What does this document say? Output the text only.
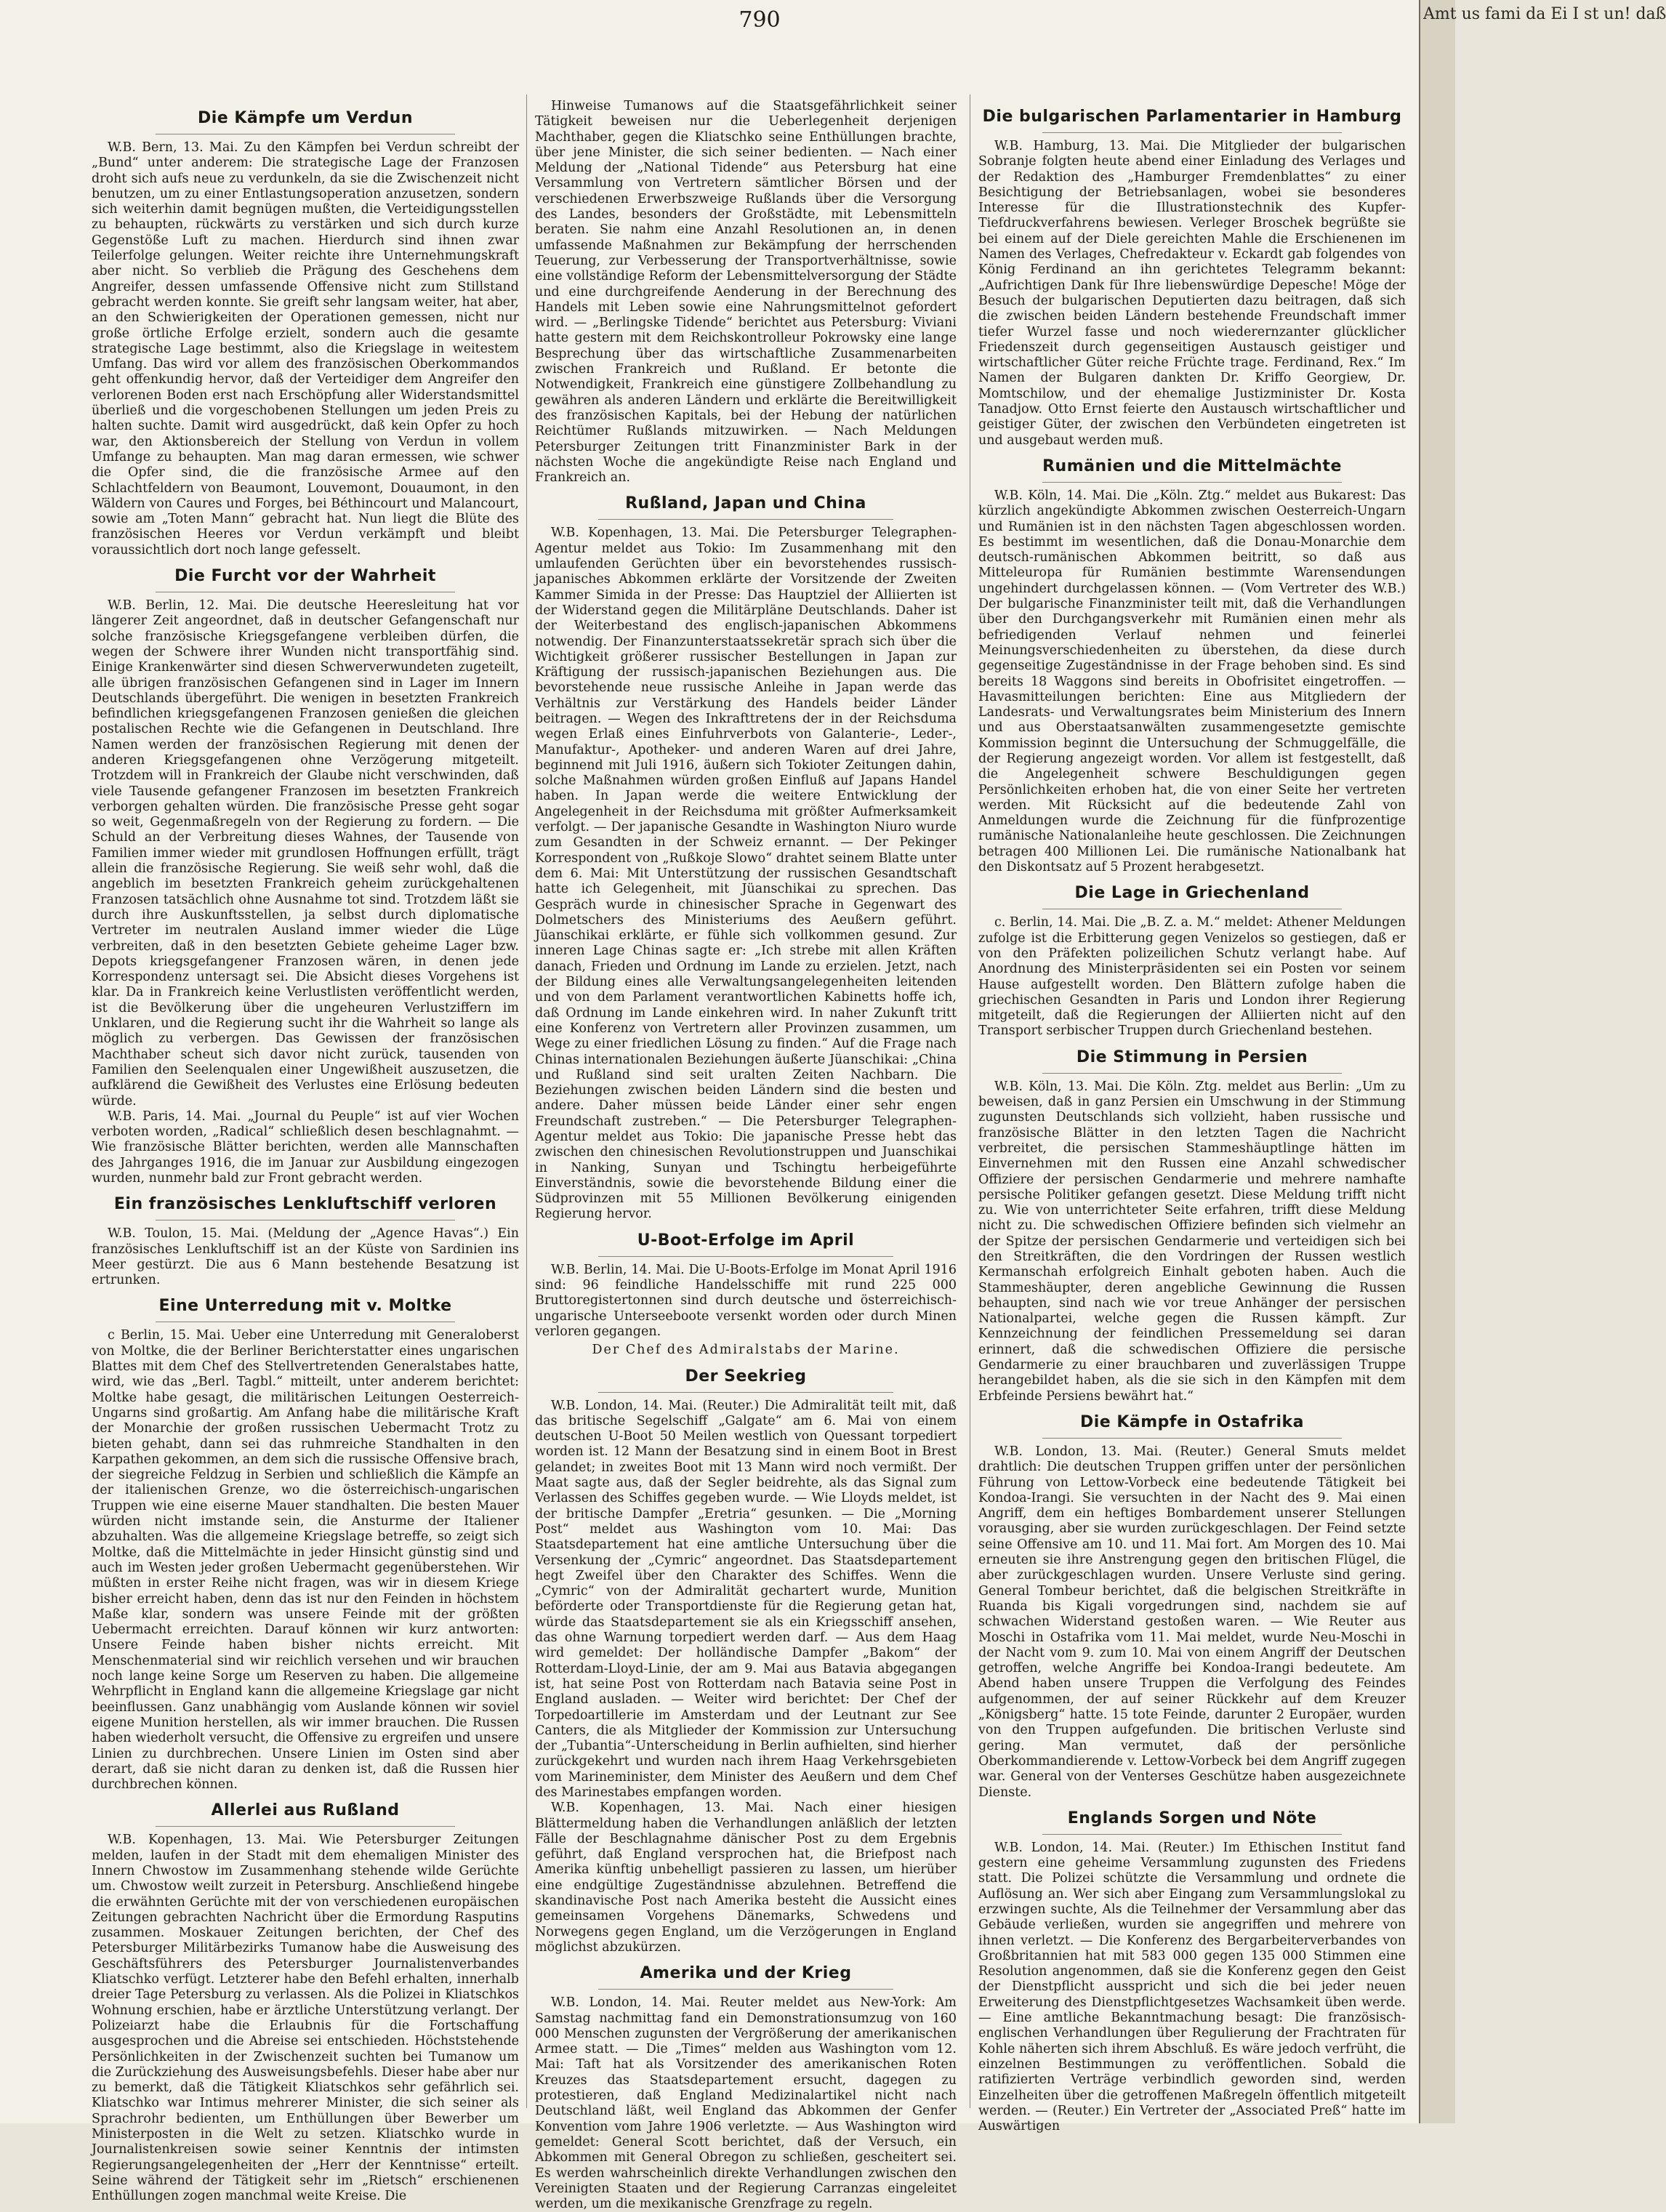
790
Die Kämpfe um Verdun

W.B. Bern, 13. Mai. Zu den Kämpfen bei Verdun schreibt der „Bund“ unter anderem: Die strategische Lage der Franzosen droht sich aufs neue zu verdunkeln, da sie die Zwischenzeit nicht benutzen, um zu einer Entlastungsoperation anzusetzen, sondern sich weiterhin damit begnügen mußten, die Verteidigungsstellen zu behaupten, rückwärts zu verstärken und sich durch kurze Gegenstöße Luft zu machen. Hierdurch sind ihnen zwar Teilerfolge gelungen. Weiter reichte ihre Unternehmungskraft aber nicht. So verblieb die Prägung des Geschehens dem Angreifer, dessen umfassende Offensive nicht zum Stillstand gebracht werden konnte. Sie greift sehr langsam weiter, hat aber, an den Schwierigkeiten der Operationen gemessen, nicht nur große örtliche Erfolge erzielt, sondern auch die gesamte strategische Lage bestimmt, also die Kriegslage in weitestem Umfang. Das wird vor allem des französischen Oberkommandos geht offenkundig hervor, daß der Verteidiger dem Angreifer den verlorenen Boden erst nach Erschöpfung aller Widerstandsmittel überließ und die vorgeschobenen Stellungen um jeden Preis zu halten suchte. Damit wird ausgedrückt, daß kein Opfer zu hoch war, den Aktionsbereich der Stellung von Verdun in vollem Umfange zu behaupten. Man mag daran ermessen, wie schwer die Opfer sind, die die französische Armee auf den Schlachtfeldern von Beaumont, Louvemont, Douaumont, in den Wäldern von Caures und Forges, bei Béthincourt und Malancourt, sowie am „Toten Mann“ gebracht hat. Nun liegt die Blüte des französischen Heeres vor Verdun verkämpft und bleibt voraussichtlich dort noch lange gefesselt.

Die Furcht vor der Wahrheit

W.B. Berlin, 12. Mai. Die deutsche Heeresleitung hat vor längerer Zeit angeordnet, daß in deutscher Gefangenschaft nur solche französische Kriegsgefangene verbleiben dürfen, die wegen der Schwere ihrer Wunden nicht transportfähig sind. Einige Krankenwärter sind diesen Schwerverwundeten zugeteilt, alle übrigen französischen Gefangenen sind in Lager im Innern Deutschlands übergeführt. Die wenigen in besetzten Frankreich befindlichen kriegsgefangenen Franzosen genießen die gleichen postalischen Rechte wie die Gefangenen in Deutschland. Ihre Namen werden der französischen Regierung mit denen der anderen Kriegsgefangenen ohne Verzögerung mitgeteilt. Trotzdem will in Frankreich der Glaube nicht verschwinden, daß viele Tausende gefangener Franzosen im besetzten Frankreich verborgen gehalten würden. Die französische Presse geht sogar so weit, Gegenmaßregeln von der Regierung zu fordern. — Die Schuld an der Verbreitung dieses Wahnes, der Tausende von Familien immer wieder mit grundlosen Hoffnungen erfüllt, trägt allein die französische Regierung. Sie weiß sehr wohl, daß die angeblich im besetzten Frankreich geheim zurückgehaltenen Franzosen tatsächlich ohne Ausnahme tot sind. Trotzdem läßt sie durch ihre Auskunftsstellen, ja selbst durch diplomatische Vertreter im neutralen Ausland immer wieder die Lüge verbreiten, daß in den besetzten Gebiete geheime Lager bzw. Depots kriegsgefangener Franzosen wären, in denen jede Korrespondenz untersagt sei. Die Absicht dieses Vorgehens ist klar. Da in Frankreich keine Verlustlisten veröffentlicht werden, ist die Bevölkerung über die ungeheuren Verlustziffern im Unklaren, und die Regierung sucht ihr die Wahrheit so lange als möglich zu verbergen. Das Gewissen der französischen Machthaber scheut sich davor nicht zurück, tausenden von Familien den Seelenqualen einer Ungewißheit auszusetzen, die aufklärend die Gewißheit des Verlustes eine Erlösung bedeuten würde.

W.B. Paris, 14. Mai. „Journal du Peuple“ ist auf vier Wochen verboten worden, „Radical“ schließlich desen beschlagnahmt. — Wie französische Blätter berichten, werden alle Mannschaften des Jahrganges 1916, die im Januar zur Ausbildung eingezogen wurden, nunmehr bald zur Front gebracht werden.

Ein französisches Lenkluftschiff verloren

W.B. Toulon, 15. Mai. (Meldung der „Agence Havas“.) Ein französisches Lenkluftschiff ist an der Küste von Sardinien ins Meer gestürzt. Die aus 6 Mann bestehende Besatzung ist ertrunken.

Eine Unterredung mit v. Moltke

c Berlin, 15. Mai. Ueber eine Unterredung mit Generaloberst von Moltke, die der Berliner Berichterstatter eines ungarischen Blattes mit dem Chef des Stellvertretenden Generalstabes hatte, wird, wie das „Berl. Tagbl.“ mitteilt, unter anderem berichtet: Moltke habe gesagt, die militärischen Leitungen Oesterreich-Ungarns sind großartig. Am Anfang habe die militärische Kraft der Monarchie der großen russischen Uebermacht Trotz zu bieten gehabt, dann sei das ruhmreiche Standhalten in den Karpathen gekommen, an dem sich die russische Offensive brach, der siegreiche Feldzug in Serbien und schließlich die Kämpfe an der italienischen Grenze, wo die österreichisch-ungarischen Truppen wie eine eiserne Mauer standhalten. Die besten Mauer würden nicht imstande sein, die Ansturme der Italiener abzuhalten. Was die allgemeine Kriegslage betreffe, so zeigt sich Moltke, daß die Mittelmächte in jeder Hinsicht günstig sind und auch im Westen jeder großen Uebermacht gegenüberstehen. Wir müßten in erster Reihe nicht fragen, was wir in diesem Kriege bisher erreicht haben, denn das ist nur den Feinden in höchstem Maße klar, sondern was unsere Feinde mit der größten Uebermacht erreichten. Darauf können wir kurz antworten: Unsere Feinde haben bisher nichts erreicht. Mit Menschenmaterial sind wir reichlich versehen und wir brauchen noch lange keine Sorge um Reserven zu haben. Die allgemeine Wehrpflicht in England kann die allgemeine Kriegslage gar nicht beeinflussen. Ganz unabhängig vom Auslande können wir soviel eigene Munition herstellen, als wir immer brauchen. Die Russen haben wiederholt versucht, die Offensive zu ergreifen und unsere Linien zu durchbrechen. Unsere Linien im Osten sind aber derart, daß sie nicht daran zu denken ist, daß die Russen hier durchbrechen können.

Allerlei aus Rußland

W.B. Kopenhagen, 13. Mai. Wie Petersburger Zeitungen melden, laufen in der Stadt mit dem ehemaligen Minister des Innern Chwostow im Zusammenhang stehende wilde Gerüchte um. Chwostow weilt zurzeit in Petersburg. Anschließend hingebe die erwähnten Gerüchte mit der von verschiedenen europäischen Zeitungen gebrachten Nachricht über die Ermordung Rasputins zusammen. Moskauer Zeitungen berichten, der Chef des Petersburger Militärbezirks Tumanow habe die Ausweisung des Geschäftsführers des Petersburger Journalistenverbandes Kliatschko verfügt. Letzterer habe den Befehl erhalten, innerhalb dreier Tage Petersburg zu verlassen. Als die Polizei in Kliatschkos Wohnung erschien, habe er ärztliche Unterstützung verlangt. Der Polizeiarzt habe die Erlaubnis für die Fortschaffung ausgesprochen und die Abreise sei entschieden. Höchststehende Persönlichkeiten in der Zwischenzeit suchten bei Tumanow um die Zurückziehung des Ausweisungsbefehls. Dieser habe aber nur zu bemerkt, daß die Tätigkeit Kliatschkos sehr gefährlich sei. Kliatschko war Intimus mehrerer Minister, die sich seiner als Sprachrohr bedienten, um Enthüllungen über Bewerber um Ministerposten in die Welt zu setzen. Kliatschko wurde in Journalistenkreisen sowie seiner Kenntnis der intimsten Regierungsangelegenheiten der „Herr der Kenntnisse“ erteilt. Seine während der Tätigkeit sehr im „Rietsch“ erschienenen Enthüllungen zogen manchmal weite Kreise. Die

Hinweise Tumanows auf die Staatsgefährlichkeit seiner Tätigkeit beweisen nur die Ueberlegenheit derjenigen Machthaber, gegen die Kliatschko seine Enthüllungen brachte, über jene Minister, die sich seiner bedienten. — Nach einer Meldung der „National Tidende“ aus Petersburg hat eine Versammlung von Vertretern sämtlicher Börsen und der verschiedenen Erwerbszweige Rußlands über die Versorgung des Landes, besonders der Großstädte, mit Lebensmitteln beraten. Sie nahm eine Anzahl Resolutionen an, in denen umfassende Maßnahmen zur Bekämpfung der herrschenden Teuerung, zur Verbesserung der Transportverhältnisse, sowie eine vollständige Reform der Lebensmittelversorgung der Städte und eine durchgreifende Aenderung in der Berechnung des Handels mit Leben sowie eine Nahrungsmittelnot gefordert wird. — „Berlingske Tidende“ berichtet aus Petersburg: Viviani hatte gestern mit dem Reichskontrolleur Pokrowsky eine lange Besprechung über das wirtschaftliche Zusammenarbeiten zwischen Frankreich und Rußland. Er betonte die Notwendigkeit, Frankreich eine günstigere Zollbehandlung zu gewähren als anderen Ländern und erklärte die Bereitwilligkeit des französischen Kapitals, bei der Hebung der natürlichen Reichtümer Rußlands mitzuwirken. — Nach Meldungen Petersburger Zeitungen tritt Finanzminister Bark in der nächsten Woche die angekündigte Reise nach England und Frankreich an.

Rußland, Japan und China

W.B. Kopenhagen, 13. Mai. Die Petersburger Telegraphen-Agentur meldet aus Tokio: Im Zusammenhang mit den umlaufenden Gerüchten über ein bevorstehendes russisch-japanisches Abkommen erklärte der Vorsitzende der Zweiten Kammer Simida in der Presse: Das Hauptziel der Alliierten ist der Widerstand gegen die Militärpläne Deutschlands. Daher ist der Weiterbestand des englisch-japanischen Abkommens notwendig. Der Finanzunterstaatssekretär sprach sich über die Wichtigkeit größerer russischer Bestellungen in Japan zur Kräftigung der russisch-japanischen Beziehungen aus. Die bevorstehende neue russische Anleihe in Japan werde das Verhältnis zur Verstärkung des Handels beider Länder beitragen. — Wegen des Inkrafttretens der in der Reichsduma wegen Erlaß eines Einfuhrverbots von Galanterie-, Leder-, Manufaktur-, Apotheker- und anderen Waren auf drei Jahre, beginnend mit Juli 1916, äußern sich Tokioter Zeitungen dahin, solche Maßnahmen würden großen Einfluß auf Japans Handel haben. In Japan werde die weitere Entwicklung der Angelegenheit in der Reichsduma mit größter Aufmerksamkeit verfolgt. — Der japanische Gesandte in Washington Niuro wurde zum Gesandten in der Schweiz ernannt. — Der Pekinger Korrespondent von „Rußkoje Slowo“ drahtet seinem Blatte unter dem 6. Mai: Mit Unterstützung der russischen Gesandtschaft hatte ich Gelegenheit, mit Jüanschikai zu sprechen. Das Gespräch wurde in chinesischer Sprache in Gegenwart des Dolmetschers des Ministeriums des Aeußern geführt. Jüanschikai erklärte, er fühle sich vollkommen gesund. Zur inneren Lage Chinas sagte er: „Ich strebe mit allen Kräften danach, Frieden und Ordnung im Lande zu erzielen. Jetzt, nach der Bildung eines alle Verwaltungsangelegenheiten leitenden und von dem Parlament verantwortlichen Kabinetts hoffe ich, daß Ordnung im Lande einkehren wird. In naher Zukunft tritt eine Konferenz von Vertretern aller Provinzen zusammen, um Wege zu einer friedlichen Lösung zu finden.“ Auf die Frage nach Chinas internationalen Beziehungen äußerte Jüanschikai: „China und Rußland sind seit uralten Zeiten Nachbarn. Die Beziehungen zwischen beiden Ländern sind die besten und andere. Daher müssen beide Länder einer sehr engen Freundschaft zustreben.“ — Die Petersburger Telegraphen-Agentur meldet aus Tokio: Die japanische Presse hebt das zwischen den chinesischen Revolutionstruppen und Juanschikai in Nanking, Sunyan und Tschingtu herbeigeführte Einverständnis, sowie die bevorstehende Bildung einer die Südprovinzen mit 55 Millionen Bevölkerung einigenden Regierung hervor.

U-Boot-Erfolge im April

W.B. Berlin, 14. Mai. Die U-Boots-Erfolge im Monat April 1916 sind: 96 feindliche Handelsschiffe mit rund 225 000 Bruttoregistertonnen sind durch deutsche und österreichisch-ungarische Unterseeboote versenkt worden oder durch Minen verloren gegangen.

Der Chef des Admiralstabs der Marine.
Der Seekrieg

W.B. London, 14. Mai. (Reuter.) Die Admiralität teilt mit, daß das britische Segelschiff „Galgate“ am 6. Mai von einem deutschen U-Boot 50 Meilen westlich von Quessant torpediert worden ist. 12 Mann der Besatzung sind in einem Boot in Brest gelandet; in zweites Boot mit 13 Mann wird noch vermißt. Der Maat sagte aus, daß der Segler beidrehte, als das Signal zum Verlassen des Schiffes gegeben wurde. — Wie Lloyds meldet, ist der britische Dampfer „Eretria“ gesunken. — Die „Morning Post“ meldet aus Washington vom 10. Mai: Das Staatsdepartement hat eine amtliche Untersuchung über die Versenkung der „Cymric“ angeordnet. Das Staatsdepartement hegt Zweifel über den Charakter des Schiffes. Wenn die „Cymric“ von der Admiralität gechartert wurde, Munition beförderte oder Transportdienste für die Regierung getan hat, würde das Staatsdepartement sie als ein Kriegsschiff ansehen, das ohne Warnung torpediert werden darf. — Aus dem Haag wird gemeldet: Der holländische Dampfer „Bakom“ der Rotterdam-Lloyd-Linie, der am 9. Mai aus Batavia abgegangen ist, hat seine Post von Rotterdam nach Batavia seine Post in England ausladen. — Weiter wird berichtet: Der Chef der Torpedoartillerie im Amsterdam und der Leutnant zur See Canters, die als Mitglieder der Kommission zur Untersuchung der „Tubantia“-Unterscheidung in Berlin aufhielten, sind hierher zurückgekehrt und wurden nach ihrem Haag Verkehrsgebieten vom Marineminister, dem Minister des Aeußern und dem Chef des Marinestabes empfangen worden.

W.B. Kopenhagen, 13. Mai. Nach einer hiesigen Blättermeldung haben die Verhandlungen anläßlich der letzten Fälle der Beschlagnahme dänischer Post zu dem Ergebnis geführt, daß England versprochen hat, die Briefpost nach Amerika künftig unbehelligt passieren zu lassen, um hierüber eine endgültige Zugeständnisse abzulehnen. Betreffend die skandinavische Post nach Amerika besteht die Aussicht eines gemeinsamen Vorgehens Dänemarks, Schwedens und Norwegens gegen England, um die Verzögerungen in England möglichst abzukürzen.

Amerika und der Krieg

W.B. London, 14. Mai. Reuter meldet aus New-York: Am Samstag nachmittag fand ein Demonstrationsumzug von 160 000 Menschen zugunsten der Vergrößerung der amerikanischen Armee statt. — Die „Times“ melden aus Washington vom 12. Mai: Taft hat als Vorsitzender des amerikanischen Roten Kreuzes das Staatsdepartement ersucht, dagegen zu protestieren, daß England Medizinalartikel nicht nach Deutschland läßt, weil England das Abkommen der Genfer Konvention vom Jahre 1906 verletzte. — Aus Washington wird gemeldet: General Scott berichtet, daß der Versuch, ein Abkommen mit General Obregon zu schließen, gescheitert sei. Es werden wahrscheinlich direkte Verhandlungen zwischen den Vereinigten Staaten und der Regierung Carranzas eingeleitet werden, um die mexikanische Grenzfrage zu regeln.

Die bulgarischen Parlamentarier in Hamburg

W.B. Hamburg, 13. Mai. Die Mitglieder der bulgarischen Sobranje folgten heute abend einer Einladung des Verlages und der Redaktion des „Hamburger Fremdenblattes“ zu einer Besichtigung der Betriebsanlagen, wobei sie besonderes Interesse für die Illustrationstechnik des Kupfer-Tiefdruckverfahrens bewiesen. Verleger Broschek begrüßte sie bei einem auf der Diele gereichten Mahle die Erschienenen im Namen des Verlages, Chefredakteur v. Eckardt gab folgendes von König Ferdinand an ihn gerichtetes Telegramm bekannt: „Aufrichtigen Dank für Ihre liebenswürdige Depesche! Möge der Besuch der bulgarischen Deputierten dazu beitragen, daß sich die zwischen beiden Ländern bestehende Freundschaft immer tiefer Wurzel fasse und noch wiederernzanter glücklicher Friedenszeit durch gegenseitigen Austausch geistiger und wirtschaftlicher Güter reiche Früchte trage. Ferdinand, Rex.“ Im Namen der Bulgaren dankten Dr. Kriffo Georgiew, Dr. Momtschilow, und der ehemalige Justizminister Dr. Kosta Tanadjow. Otto Ernst feierte den Austausch wirtschaftlicher und geistiger Güter, der zwischen den Verbündeten eingetreten ist und ausgebaut werden muß.

Rumänien und die Mittelmächte

W.B. Köln, 14. Mai. Die „Köln. Ztg.“ meldet aus Bukarest: Das kürzlich angekündigte Abkommen zwischen Oesterreich-Ungarn und Rumänien ist in den nächsten Tagen abgeschlossen worden. Es bestimmt im wesentlichen, daß die Donau-Monarchie dem deutsch-rumänischen Abkommen beitritt, so daß aus Mitteleuropa für Rumänien bestimmte Warensendungen ungehindert durchgelassen können. — (Vom Vertreter des W.B.) Der bulgarische Finanzminister teilt mit, daß die Verhandlungen über den Durchgangsverkehr mit Rumänien einen mehr als befriedigenden Verlauf nehmen und feinerlei Meinungsverschiedenheiten zu überstehen, da diese durch gegenseitige Zugeständnisse in der Frage behoben sind. Es sind bereits 18 Waggons sind bereits in Obofrisitet eingetroffen. — Havasmitteilungen berichten: Eine aus Mitgliedern der Landesrats- und Verwaltungsrates beim Ministerium des Innern und aus Oberstaatsanwälten zusammengesetzte gemischte Kommission beginnt die Untersuchung der Schmuggelfälle, die der Regierung angezeigt worden. Vor allem ist festgestellt, daß die Angelegenheit schwere Beschuldigungen gegen Persönlichkeiten erhoben hat, die von einer Seite her vertreten werden. Mit Rücksicht auf die bedeutende Zahl von Anmeldungen wurde die Zeichnung für die fünfprozentige rumänische Nationalanleihe heute geschlossen. Die Zeichnungen betragen 400 Millionen Lei. Die rumänische Nationalbank hat den Diskontsatz auf 5 Prozent herabgesetzt.

Die Lage in Griechenland

c. Berlin, 14. Mai. Die „B. Z. a. M.“ meldet: Athener Meldungen zufolge ist die Erbitterung gegen Venizelos so gestiegen, daß er von den Präfekten polizeilichen Schutz verlangt habe. Auf Anordnung des Ministerpräsidenten sei ein Posten vor seinem Hause aufgestellt worden. Den Blättern zufolge haben die griechischen Gesandten in Paris und London ihrer Regierung mitgeteilt, daß die Regierungen der Alliierten nicht auf den Transport serbischer Truppen durch Griechenland bestehen.

Die Stimmung in Persien

W.B. Köln, 13. Mai. Die Köln. Ztg. meldet aus Berlin: „Um zu beweisen, daß in ganz Persien ein Umschwung in der Stimmung zugunsten Deutschlands sich vollzieht, haben russische und französische Blätter in den letzten Tagen die Nachricht verbreitet, die persischen Stammeshäuptlinge hätten im Einvernehmen mit den Russen eine Anzahl schwedischer Offiziere der persischen Gendarmerie und mehrere namhafte persische Politiker gefangen gesetzt. Diese Meldung trifft nicht zu. Wie von unterrichteter Seite erfahren, trifft diese Meldung nicht zu. Die schwedischen Offiziere befinden sich vielmehr an der Spitze der persischen Gendarmerie und verteidigen sich bei den Streitkräften, die den Vordringen der Russen westlich Kermanschah erfolgreich Einhalt geboten haben. Auch die Stammeshäupter, deren angebliche Gewinnung die Russen behaupten, sind nach wie vor treue Anhänger der persischen Nationalpartei, welche gegen die Russen kämpft. Zur Kennzeichnung der feindlichen Pressemeldung sei daran erinnert, daß die schwedischen Offiziere die persische Gendarmerie zu einer brauchbaren und zuverlässigen Truppe herangebildet haben, als die sie sich in den Kämpfen mit dem Erbfeinde Persiens bewährt hat.“

Die Kämpfe in Ostafrika

W.B. London, 13. Mai. (Reuter.) General Smuts meldet drahtlich: Die deutschen Truppen griffen unter der persönlichen Führung von Lettow-Vorbeck eine bedeutende Tätigkeit bei Kondoa-Irangi. Sie versuchten in der Nacht des 9. Mai einen Angriff, dem ein heftiges Bombardement unserer Stellungen vorausging, aber sie wurden zurückgeschlagen. Der Feind setzte seine Offensive am 10. und 11. Mai fort. Am Morgen des 10. Mai erneuten sie ihre Anstrengung gegen den britischen Flügel, die aber zurückgeschlagen wurden. Unsere Verluste sind gering. General Tombeur berichtet, daß die belgischen Streitkräfte in Ruanda bis Kigali vorgedrungen sind, nachdem sie auf schwachen Widerstand gestoßen waren. — Wie Reuter aus Moschi in Ostafrika vom 11. Mai meldet, wurde Neu-Moschi in der Nacht vom 9. zum 10. Mai von einem Angriff der Deutschen getroffen, welche Angriffe bei Kondoa-Irangi bedeutete. Am Abend haben unsere Truppen die Verfolgung des Feindes aufgenommen, der auf seiner Rückkehr auf dem Kreuzer „Königsberg“ hatte. 15 tote Feinde, darunter 2 Europäer, wurden von den Truppen aufgefunden. Die britischen Verluste sind gering. Man vermutet, daß der persönliche Oberkommandierende v. Lettow-Vorbeck bei dem Angriff zugegen war. General von der Venterses Geschütze haben ausgezeichnete Dienste.

Englands Sorgen und Nöte

W.B. London, 14. Mai. (Reuter.) Im Ethischen Institut fand gestern eine geheime Versammlung zugunsten des Friedens statt. Die Polizei schützte die Versammlung und ordnete die Auflösung an. Wer sich aber Eingang zum Versammlungslokal zu erzwingen suchte, Als die Teilnehmer der Versammlung aber das Gebäude verließen, wurden sie angegriffen und mehrere von ihnen verletzt. — Die Konferenz des Bergarbeiterverbandes von Großbritannien hat mit 583 000 gegen 135 000 Stimmen eine Resolution angenommen, daß sie die Konferenz gegen den Geist der Dienstpflicht ausspricht und sich die bei jeder neuen Erweiterung des Dienstpflichtgesetzes Wachsamkeit üben werde. — Eine amtliche Bekanntmachung besagt: Die französisch-englischen Verhandlungen über Regulierung der Frachtraten für Kohle näherten sich ihrem Abschluß. Es wäre jedoch verfrüht, die einzelnen Bestimmungen zu veröffentlichen. Sobald die ratifizierten Verträge verbindlich geworden sind, werden Einzelheiten über die getroffenen Maßregeln öffentlich mitgeteilt werden. — (Reuter.) Ein Vertreter der „Associated Preß“ hatte im Auswärtigen

Amt us fami da Ei I st un! daß
